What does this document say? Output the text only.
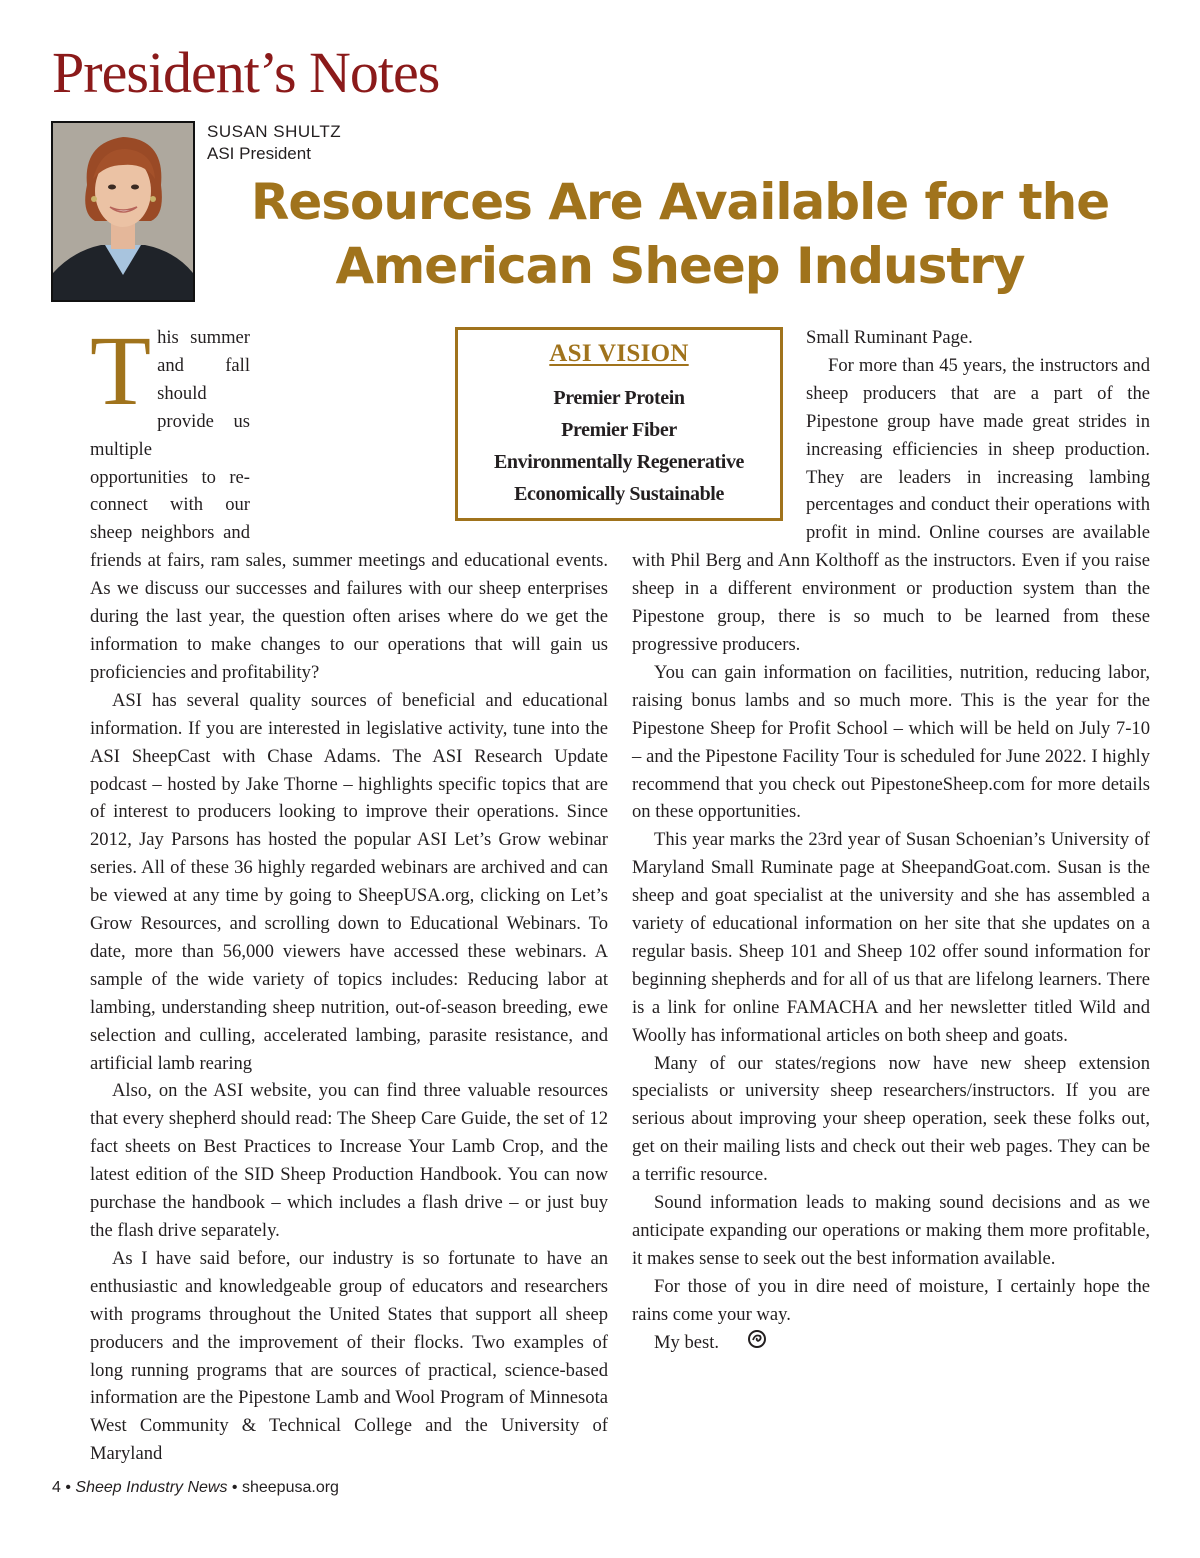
President’s Notes
SUSAN SHULTZ
ASI President
Resources Are Available for the
American Sheep Industry

This summer and fall should provide us multiple opportunities to re-connect with our sheep neighbors and friends at fairs, ram sales, summer meetings and educational events. As we discuss our successes and failures with our sheep enterprises during the last year, the question often arises where do we get the information to make changes to our operations that will gain us proficiencies and profitability?

ASI has several quality sources of beneficial and educational information. If you are interested in legislative activity, tune into the ASI SheepCast with Chase Adams. The ASI Research Update podcast – hosted by Jake Thorne – highlights specific topics that are of interest to producers looking to improve their operations. Since 2012, Jay Parsons has hosted the popular ASI Let’s Grow webinar series. All of these 36 highly regarded webinars are archived and can be viewed at any time by going to SheepUSA.org, clicking on Let’s Grow Resources, and scrolling down to Educational Webinars. To date, more than 56,000 viewers have accessed these webinars. A sample of the wide variety of topics includes: Reducing labor at lambing, understanding sheep nutrition, out-of-season breeding, ewe selection and culling, accelerated lambing, parasite resistance, and artificial lamb rearing

Also, on the ASI website, you can find three valuable resources that every shepherd should read: The Sheep Care Guide, the set of 12 fact sheets on Best Practices to Increase Your Lamb Crop, and the latest edition of the SID Sheep Production Handbook. You can now purchase the handbook – which includes a flash drive – or just buy the flash drive separately.

As I have said before, our industry is so fortunate to have an enthusiastic and knowledgeable group of educators and researchers with programs throughout the United States that support all sheep producers and the improvement of their flocks. Two examples of long running programs that are sources of practical, science-based information are the Pipestone Lamb and Wool Program of Minnesota West Community & Technical College and the University of Maryland

Small Ruminant Page.

For more than 45 years, the instructors and sheep producers that are a part of the Pipestone group have made great strides in increasing efficiencies in sheep production. They are leaders in increasing lambing percentages and conduct their operations with profit in mind. Online courses are available with Phil Berg and Ann Kolthoff as the instructors. Even if you raise sheep in a different environment or production system than the Pipestone group, there is so much to be learned from these progressive producers.

You can gain information on facilities, nutrition, reducing labor, raising bonus lambs and so much more. This is the year for the Pipestone Sheep for Profit School – which will be held on July 7-10 – and the Pipestone Facility Tour is scheduled for June 2022. I highly recommend that you check out PipestoneSheep.com for more details on these opportunities.

This year marks the 23rd year of Susan Schoenian’s University of Maryland Small Ruminate page at SheepandGoat.com. Susan is the sheep and goat specialist at the university and she has assembled a variety of educational information on her site that she updates on a regular basis. Sheep 101 and Sheep 102 offer sound information for beginning shepherds and for all of us that are lifelong learners. There is a link for online FAMACHA and her newsletter titled Wild and Woolly has informational articles on both sheep and goats.

Many of our states/regions now have new sheep extension specialists or university sheep researchers/instructors. If you are serious about improving your sheep operation, seek these folks out, get on their mailing lists and check out their web pages. They can be a terrific resource.

Sound information leads to making sound decisions and as we anticipate expanding our operations or making them more profitable, it makes sense to seek out the best information available.

For those of you in dire need of moisture, I certainly hope the rains come your way.

My best.

ASI VISION
Premier Protein
Premier Fiber
Environmentally Regenerative
Economically Sustainable
4 • Sheep Industry News • sheepusa.org
